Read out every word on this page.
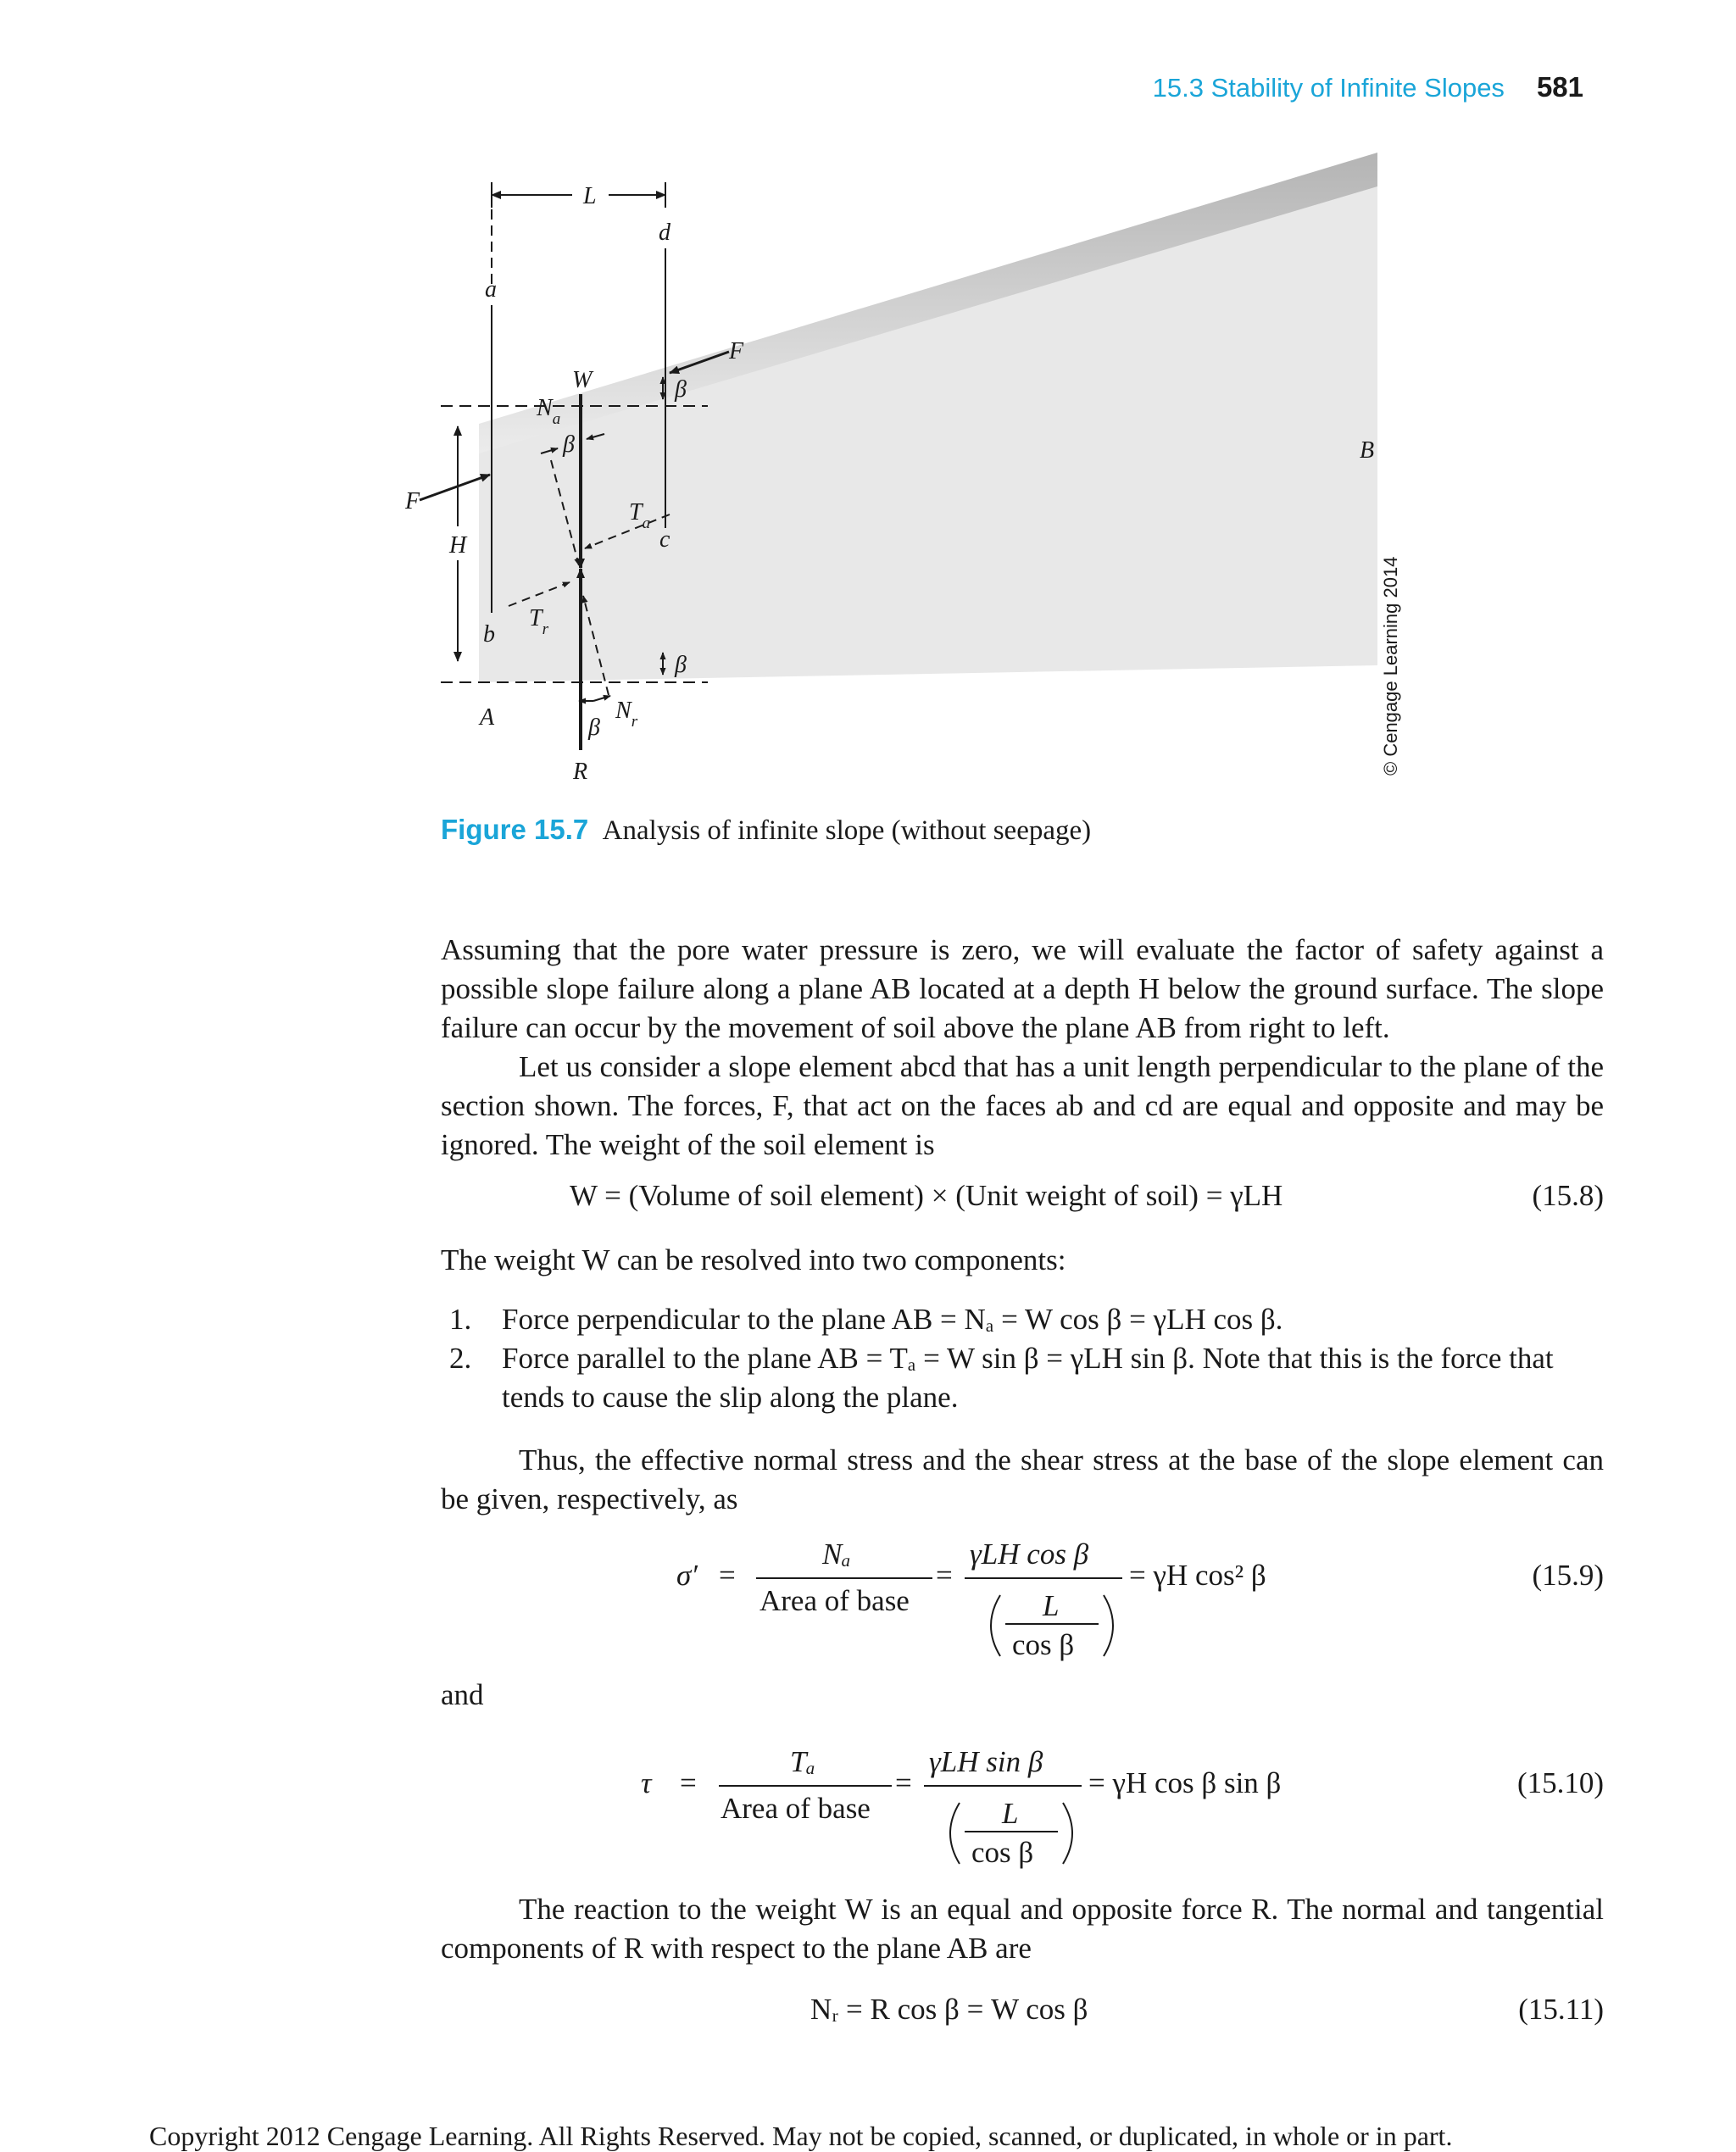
15.3 Stability of Infinite Slopes 581
H
β
β
L
a
b
d
c
F
F
W
R
$N_a$
$T_a$
β
$T_r$
$N_r$
β
A
B
© Cengage Learning 2014
Figure 15.7 Analysis of infinite slope (without seepage)

Assuming that the pore water pressure is zero, we will evaluate the factor of safety against a possible slope failure along a plane AB located at a depth H below the ground surface. The slope failure can occur by the movement of soil above the plane AB from right to left.

Let us consider a slope element abcd that has a unit length perpendicular to the plane of the section shown. The forces, F, that act on the faces ab and cd are equal and opposite and may be ignored. The weight of the soil element is

W = (Volume of soil element) × (Unit weight of soil) = γLH	(15.8)

The weight W can be resolved into two components:

1. Force perpendicular to the plane AB = Nₐ = W cos β = γLH cos β.
2. Force parallel to the plane AB = Tₐ = W sin β = γLH sin β. Note that this is the force that tends to cause the slip along the plane.

Thus, the effective normal stress and the shear stress at the base of the slope element can be given, respectively, as

σ′ =
Nₐ
Area of base
=
γLH cos β
L
cos β
= γH cos² β	(15.9)
and
τ =
Tₐ
Area of base
=
γLH sin β
L
cos β
= γH cos β sin β	(15.10)

The reaction to the weight W is an equal and opposite force R. The normal and tangential components of R with respect to the plane AB are

Nᵣ = R cos β = W cos β	(15.11)
Copyright 2012 Cengage Learning. All Rights Reserved. May not be copied, scanned, or duplicated, in whole or in part.
